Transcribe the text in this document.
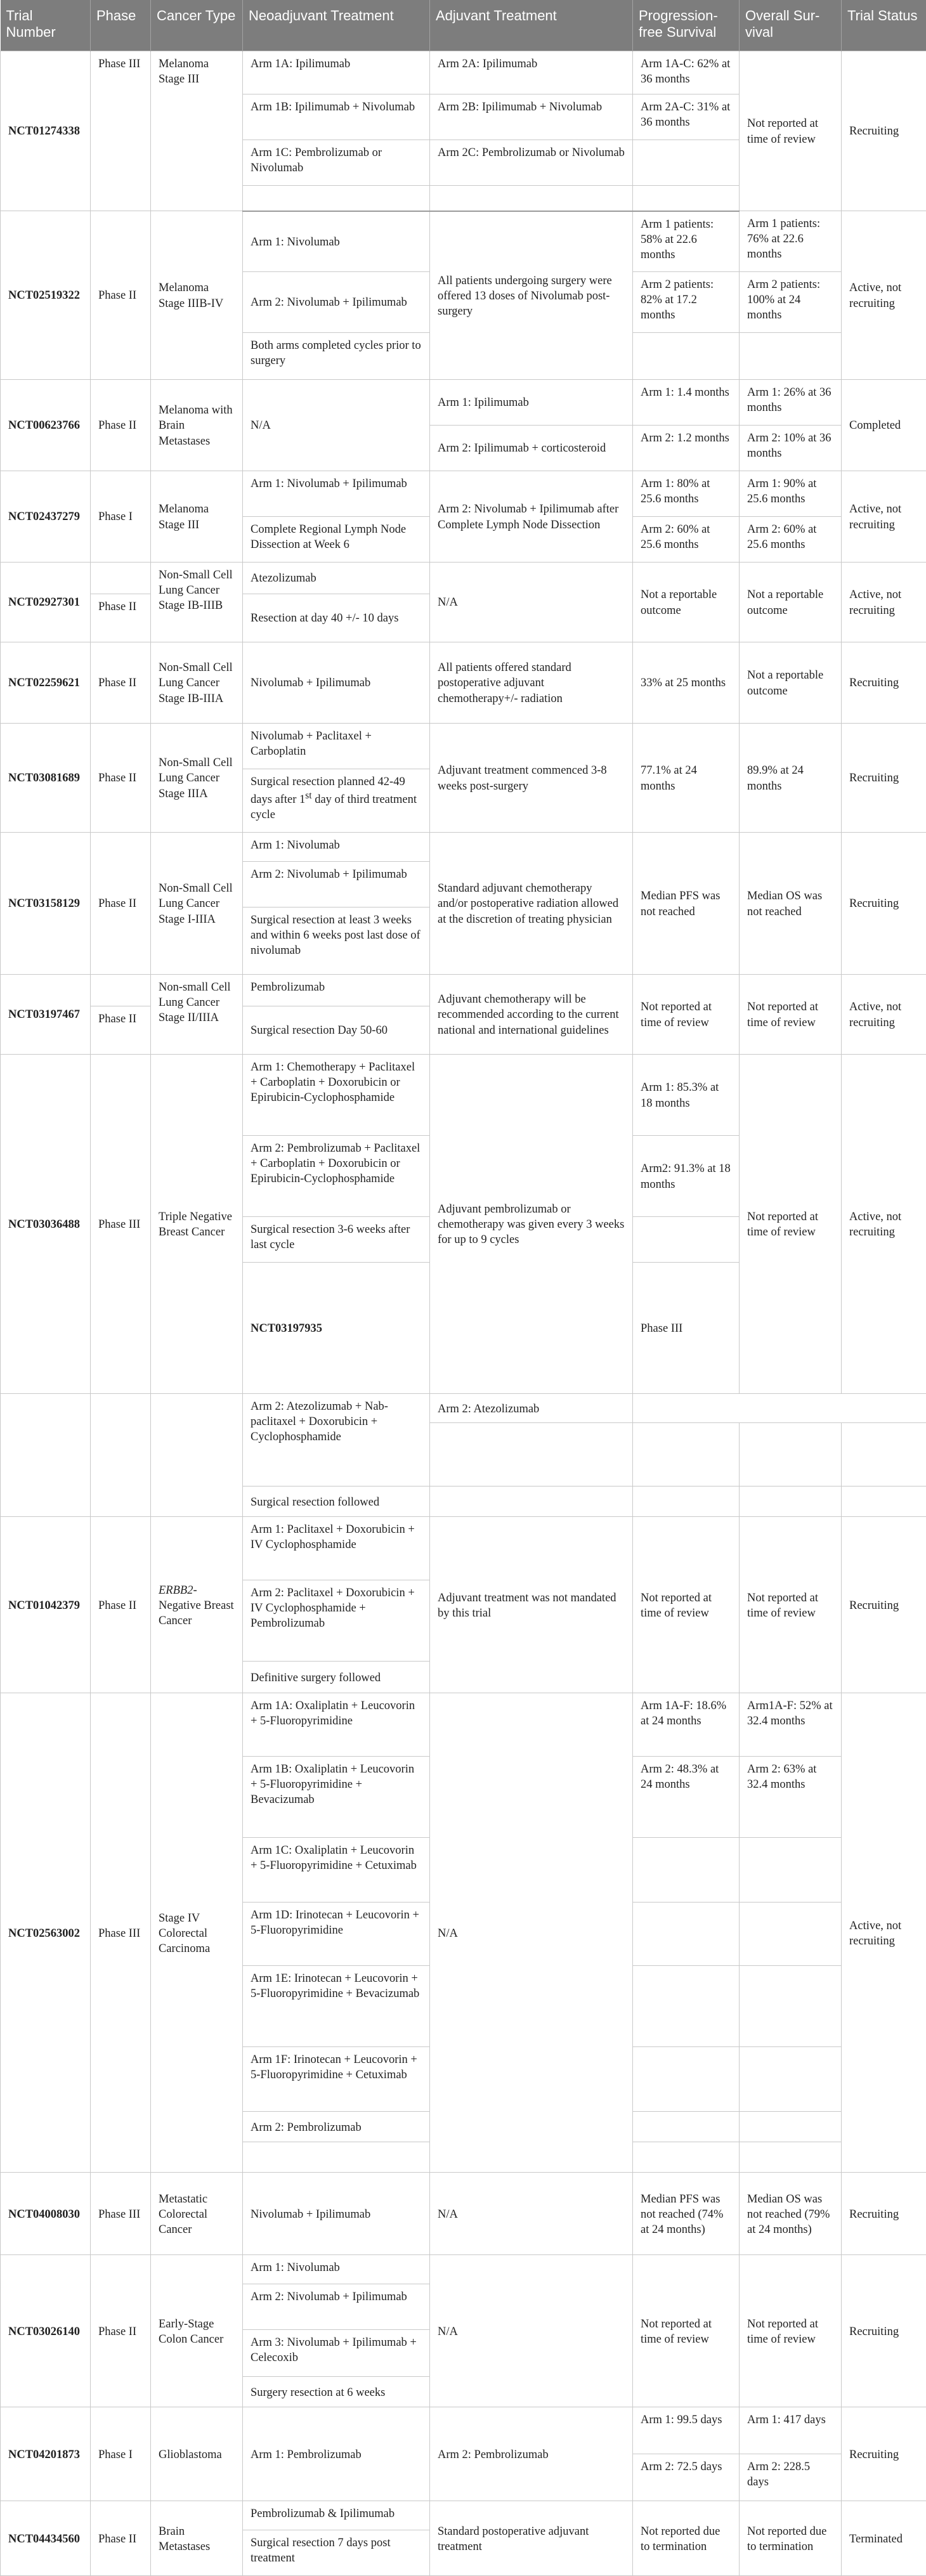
Trial Number	Phase	Cancer Type	Neoadjuvant Treatment	Adjuvant Treatment	Progression-free Survival	Overall Sur-vival	Trial Status	
NCT01274338	Phase III	Melanoma Stage III	Arm 1A: Ipilimumab	Arm 2A: Ipilimumab	Arm 1A-C: 62% at 36 months	Not reported at time of review	Recruiting	
			Arm 1B: Ipilimumab + Nivolumab	Arm 2B: Ipilimumab + Nivolumab	Arm 2A-C: 31% at 36 months			
			Arm 1C: Pembrolizumab or Nivolumab	Arm 2C: Pembrolizumab or Nivolumab				

NCT02519322	Phase II	Melanoma Stage IIIB-IV	Arm 1: Nivolumab	All patients undergoing surgery were offered 13 doses of Nivolumab post-surgery	Arm 1 patients: 58% at 22.6 months	Arm 1 patients: 76% at 22.6 months	Active, not recruiting	
			Arm 2: Nivolumab + Ipilimumab		Arm 2 patients: 82% at 17.2 months	Arm 2 patients: 100% at 24 months		
			Both arms completed cycles prior to surgery					
NCT00623766	Phase II	Melanoma with Brain Metastases	N/A	Arm 1: Ipilimumab	Arm 1: 1.4 months	Arm 1: 26% at 36 months	Completed	
				Arm 2: Ipilimumab + corticosteroid	Arm 2: 1.2 months	Arm 2: 10% at 36 months		
NCT02437279	Phase I	Melanoma Stage III	Arm 1: Nivolumab + Ipilimumab	Arm 2: Nivolumab + Ipilimumab after Complete Lymph Node Dissection	Arm 1: 80% at 25.6 months	Arm 1: 90% at 25.6 months	Active, not recruiting	
			Complete Regional Lymph Node Dissection at Week 6		Arm 2: 60% at 25.6 months	Arm 2: 60% at 25.6 months		
NCT02927301		Non-Small Cell Lung Cancer Stage IB-IIIB	Atezolizumab	N/A	Not a reportable outcome	Not a reportable outcome	Active, not recruiting	
	Phase II		Resection at day 40 +/- 10 days					
NCT02259621	Phase II	Non-Small Cell Lung Cancer Stage IB-IIIA	Nivolumab + Ipilimumab	All patients offered standard postoperative adjuvant chemotherapy+/- radiation	33% at 25 months	Not a reportable outcome	Recruiting	
NCT03081689	Phase II	Non-Small Cell Lung Cancer Stage IIIA	Nivolumab + Paclitaxel + Carboplatin	Adjuvant treatment commenced 3-8 weeks post-surgery	77.1% at 24 months	89.9% at 24 months	Recruiting	
			Surgical resection planned 42-49 days after 1st day of third treatment cycle					
NCT03158129	Phase II	Non-Small Cell Lung Cancer Stage I-IIIA	Arm 1: Nivolumab	Standard adjuvant chemotherapy and/or postoperative radiation allowed at the discretion of treating physician	Median PFS was not reached	Median OS was not reached	Recruiting	
			Arm 2: Nivolumab + Ipilimumab					
			Surgical resection at least 3 weeks and within 6 weeks post last dose of nivolumab					
NCT03197467		Non-small Cell Lung Cancer Stage II/IIIA	Pembrolizumab	Adjuvant chemotherapy will be recommended according to the current national and international guidelines	Not reported at time of review	Not reported at time of review	Active, not recruiting	
	Phase II		Surgical resection Day 50-60					
NCT03036488	Phase III	Triple Negative Breast Cancer	Arm 1: Chemotherapy + Paclitaxel + Carboplatin + Doxorubicin or Epirubicin-Cyclophosphamide	Adjuvant pembrolizumab or chemotherapy was given every 3 weeks for up to 9 cycles	Arm 1: 85.3% at 18 months	Not reported at time of review	Active, not recruiting	
			Arm 2: Pembrolizumab + Paclitaxel + Carboplatin + Doxorubicin or Epirubicin-Cyclophosphamide		Arm2: 91.3% at 18 months			
			Surgical resection 3-6 weeks after last cycle					
			NCT03197935		Phase III						
			Arm 2: Atezolizumab + Nab-paclitaxel + Doxorubicin + Cyclophosphamide	Arm 2: Atezolizumab				

			Surgical resection followed					
NCT01042379	Phase II	ERBB2-Negative Breast Cancer	Arm 1: Paclitaxel + Doxorubicin + IV Cyclophosphamide	Adjuvant treatment was not mandated by this trial	Not reported at time of review	Not reported at time of review	Recruiting	
			Arm 2: Paclitaxel + Doxorubicin + IV Cyclophosphamide + Pembrolizumab					
			Definitive surgery followed					
NCT02563002	Phase III	Stage IV Colorectal Carcinoma	Arm 1A: Oxaliplatin + Leucovorin + 5-Fluoropyrimidine	N/A	Arm 1A-F: 18.6% at 24 months	Arm1A-F: 52% at 32.4 months	Active, not recruiting	
			Arm 1B: Oxaliplatin + Leucovorin + 5-Fluoropyrimidine + Bevacizumab		Arm 2: 48.3% at 24 months	Arm 2: 63% at 32.4 months		
			Arm 1C: Oxaliplatin + Leucovorin + 5-Fluoropyrimidine + Cetuximab					
			Arm 1D: Irinotecan + Leucovorin + 5-Fluoropyrimidine					
			Arm 1E: Irinotecan + Leucovorin + 5-Fluoropyrimidine + Bevacizumab					
			Arm 1F: Irinotecan + Leucovorin + 5-Fluoropyrimidine + Cetuximab					
			Arm 2: Pembrolizumab					

NCT04008030	Phase III	Metastatic Colorectal Cancer	Nivolumab + Ipilimumab	N/A	Median PFS was not reached (74% at 24 months)	Median OS was not reached (79% at 24 months)	Recruiting	
NCT03026140	Phase II	Early-Stage Colon Cancer	Arm 1: Nivolumab	N/A	Not reported at time of review	Not reported at time of review	Recruiting	
			Arm 2: Nivolumab + Ipilimumab					
			Arm 3: Nivolumab + Ipilimumab + Celecoxib					
			Surgery resection at 6 weeks					
NCT04201873	Phase I	Glioblastoma	Arm 1: Pembrolizumab	Arm 2: Pembrolizumab	Arm 1: 99.5 days	Arm 1: 417 days	Recruiting	
					Arm 2: 72.5 days	Arm 2: 228.5 days		
NCT04434560	Phase II	Brain Metastases	Pembrolizumab & Ipilimumab	Standard postoperative adjuvant treatment	Not reported due to termination	Not reported due to termination	Terminated	
			Surgical resection 7 days post treatment					
